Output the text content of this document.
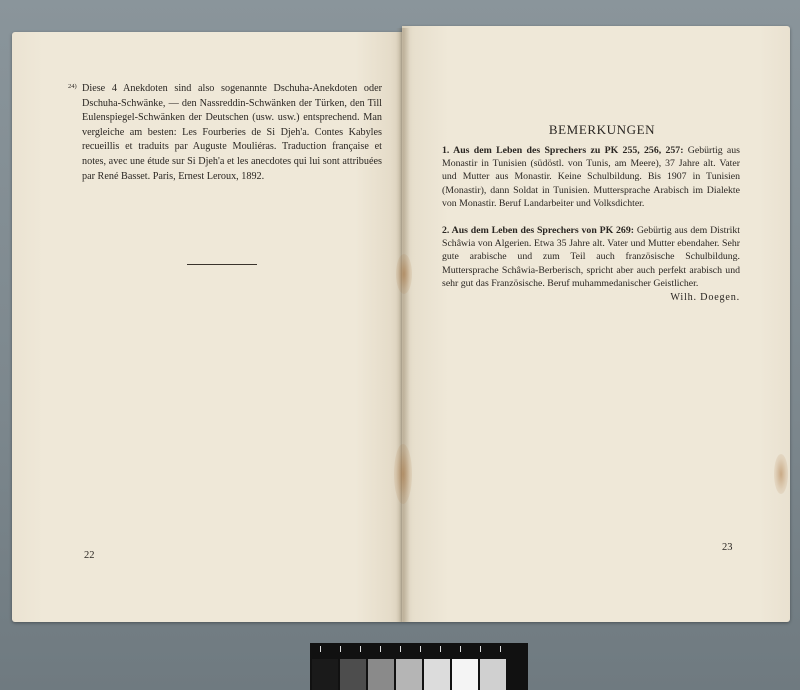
24) Diese 4 Anekdoten sind also sogenannte Dschuha-Anekdoten oder Dschuha-Schwänke, — den Nassreddin-Schwänken der Türken, den Till Eulenspiegel-Schwänken der Deutschen (usw. usw.) entsprechend. Man vergleiche am besten: Les Fourberies de Si Djeh'a. Contes Kabyles recueillis et traduits par Auguste Mouliéras. Traduction française et notes, avec une étude sur Si Djeh'a et les anecdotes qui lui sont attribuées par René Basset. Paris, Ernest Leroux, 1892.
22
BEMERKUNGEN
1. Aus dem Leben des Sprechers zu PK 255, 256, 257: Gebürtig aus Monastir in Tunisien (südöstl. von Tunis, am Meere), 37 Jahre alt. Vater und Mutter aus Monastir. Keine Schulbildung. Bis 1907 in Tunisien (Monastir), dann Soldat in Tunisien. Muttersprache Arabisch im Dialekte von Monastir. Beruf Landarbeiter und Volksdichter.
2. Aus dem Leben des Sprechers von PK 269: Gebürtig aus dem Distrikt Schâwia von Algerien. Etwa 35 Jahre alt. Vater und Mutter ebendaher. Sehr gute arabische und zum Teil auch französische Schulbildung. Muttersprache Schâwia-Berberisch, spricht aber auch perfekt arabisch und sehr gut das Französische. Beruf muhammedanischer Geistlicher.
Wilh. Doegen.
23
